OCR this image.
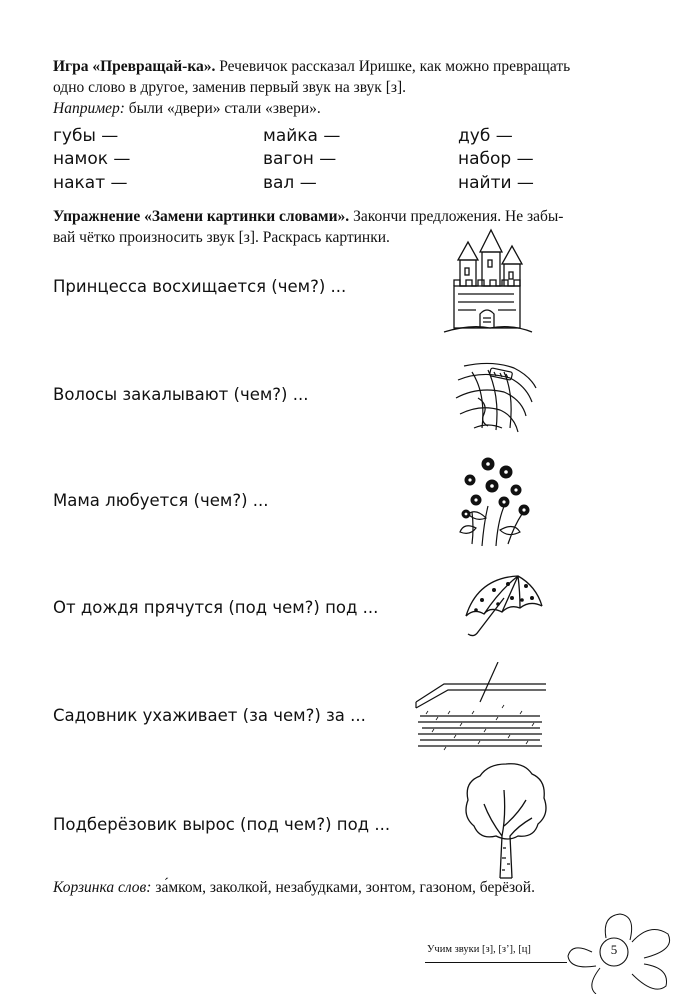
Игра «Превращай-ка». Речевичок рассказал Иришке, как можно превращать
одно слово в другое, заменив первый звук на звук [з].
Например: были «двери» стали «звери».
губы —	майка —	дуб —
намок —	вагон —	набор —
накат —	вал —	найти —
Упражнение «Замени картинки словами». Закончи предложения. Не забы-
вай чётко произносить звук [з]. Раскрась картинки.
Принцесса восхищается (чем?) ...
Волосы закалывают (чем?) ...
Мама любуется (чем?) ...
От дождя прячутся (под чем?) под ...
Садовник ухаживает (за чем?) за ...
Подберёзовик вырос (под чем?) под ...
Корзинка слов: за́мком, заколкой, незабудками, зонтом, газоном, берёзой.
Учим звуки [з], [з’], [ц]	5
